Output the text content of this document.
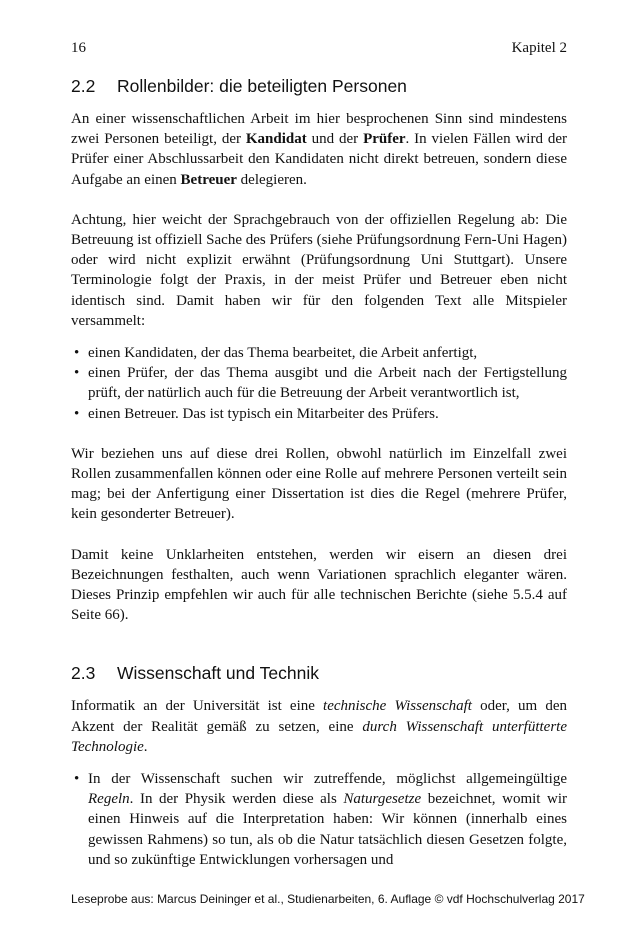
16	Kapitel 2
2.2 Rollenbilder: die beteiligten Personen

An einer wissenschaftlichen Arbeit im hier besprochenen Sinn sind mindestens zwei Personen beteiligt, der Kandidat und der Prüfer. In vielen Fällen wird der Prüfer einer Abschlussarbeit den Kandidaten nicht direkt betreuen, sondern diese Aufgabe an einen Betreuer delegieren.

Achtung, hier weicht der Sprachgebrauch von der offiziellen Regelung ab: Die Betreuung ist offiziell Sache des Prüfers (siehe Prüfungsordnung Fern-Uni Hagen) oder wird nicht explizit erwähnt (Prüfungsordnung Uni Stuttgart). Unsere Terminologie folgt der Praxis, in der meist Prüfer und Betreuer eben nicht identisch sind. Damit haben wir für den folgenden Text alle Mitspieler versammelt:

• einen Kandidaten, der das Thema bearbeitet, die Arbeit anfertigt,
• einen Prüfer, der das Thema ausgibt und die Arbeit nach der Fertigstellung prüft, der natürlich auch für die Betreuung der Arbeit verantwortlich ist,
• einen Betreuer. Das ist typisch ein Mitarbeiter des Prüfers.

Wir beziehen uns auf diese drei Rollen, obwohl natürlich im Einzelfall zwei Rollen zusammenfallen können oder eine Rolle auf mehrere Personen verteilt sein mag; bei der Anfertigung einer Dissertation ist dies die Regel (mehrere Prüfer, kein gesonderter Betreuer).

Damit keine Unklarheiten entstehen, werden wir eisern an diesen drei Bezeichnungen festhalten, auch wenn Variationen sprachlich eleganter wären. Dieses Prinzip empfehlen wir auch für alle technischen Berichte (siehe 5.5.4 auf Seite 66).

2.3 Wissenschaft und Technik

Informatik an der Universität ist eine technische Wissenschaft oder, um den Akzent der Realität gemäß zu setzen, eine durch Wissenschaft unterfütterte Technologie.

• In der Wissenschaft suchen wir zutreffende, möglichst allgemeingültige Regeln. In der Physik werden diese als Naturgesetze bezeichnet, womit wir einen Hinweis auf die Interpretation haben: Wir können (innerhalb eines gewissen Rahmens) so tun, als ob die Natur tatsächlich diesen Gesetzen folgte, und so zukünftige Entwicklungen vorhersagen und
Leseprobe aus: Marcus Deininger et al., Studienarbeiten, 6. Auflage © vdf Hochschulverlag 2017
